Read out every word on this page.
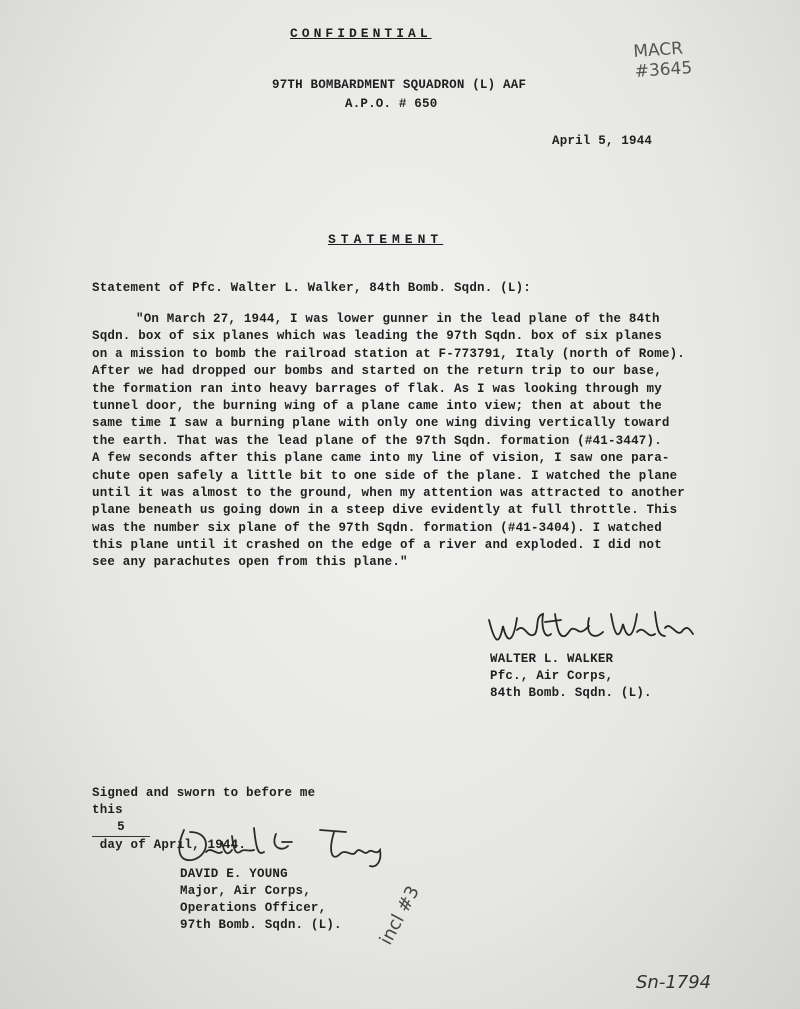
CONFIDENTIAL
97TH BOMBARDMENT SQUADRON (L) AAF
A.P.O. # 650
April 5, 1944
MACR
#3645
STATEMENT
Statement of Pfc. Walter L. Walker, 84th Bomb. Sqdn. (L):
"On March 27, 1944, I was lower gunner in the lead plane of the 84th
Sqdn. box of six planes which was leading the 97th Sqdn. box of six planes
on a mission to bomb the railroad station at F-773791, Italy (north of Rome).
After we had dropped our bombs and started on the return trip to our base,
the formation ran into heavy barrages of flak. As I was looking through my
tunnel door, the burning wing of a plane came into view; then at about the
same time I saw a burning plane with only one wing diving vertically toward
the earth. That was the lead plane of the 97th Sqdn. formation (#41-3447).
A few seconds after this plane came into my line of vision, I saw one para-
chute open safely a little bit to one side of the plane. I watched the plane
until it was almost to the ground, when my attention was attracted to another
plane beneath us going down in a steep dive evidently at full throttle. This
was the number six plane of the 97th Sqdn. formation (#41-3404). I watched
this plane until it crashed on the edge of a river and exploded. I did not
see any parachutes open from this plane."
WALTER L. WALKER
Pfc., Air Corps,
84th Bomb. Sqdn. (L).
Signed and sworn to before me
this
5
day of April, 1944.
DAVID E. YOUNG
Major, Air Corps,
Operations Officer,
97th Bomb. Sqdn. (L). incl #3
Sn-1794
